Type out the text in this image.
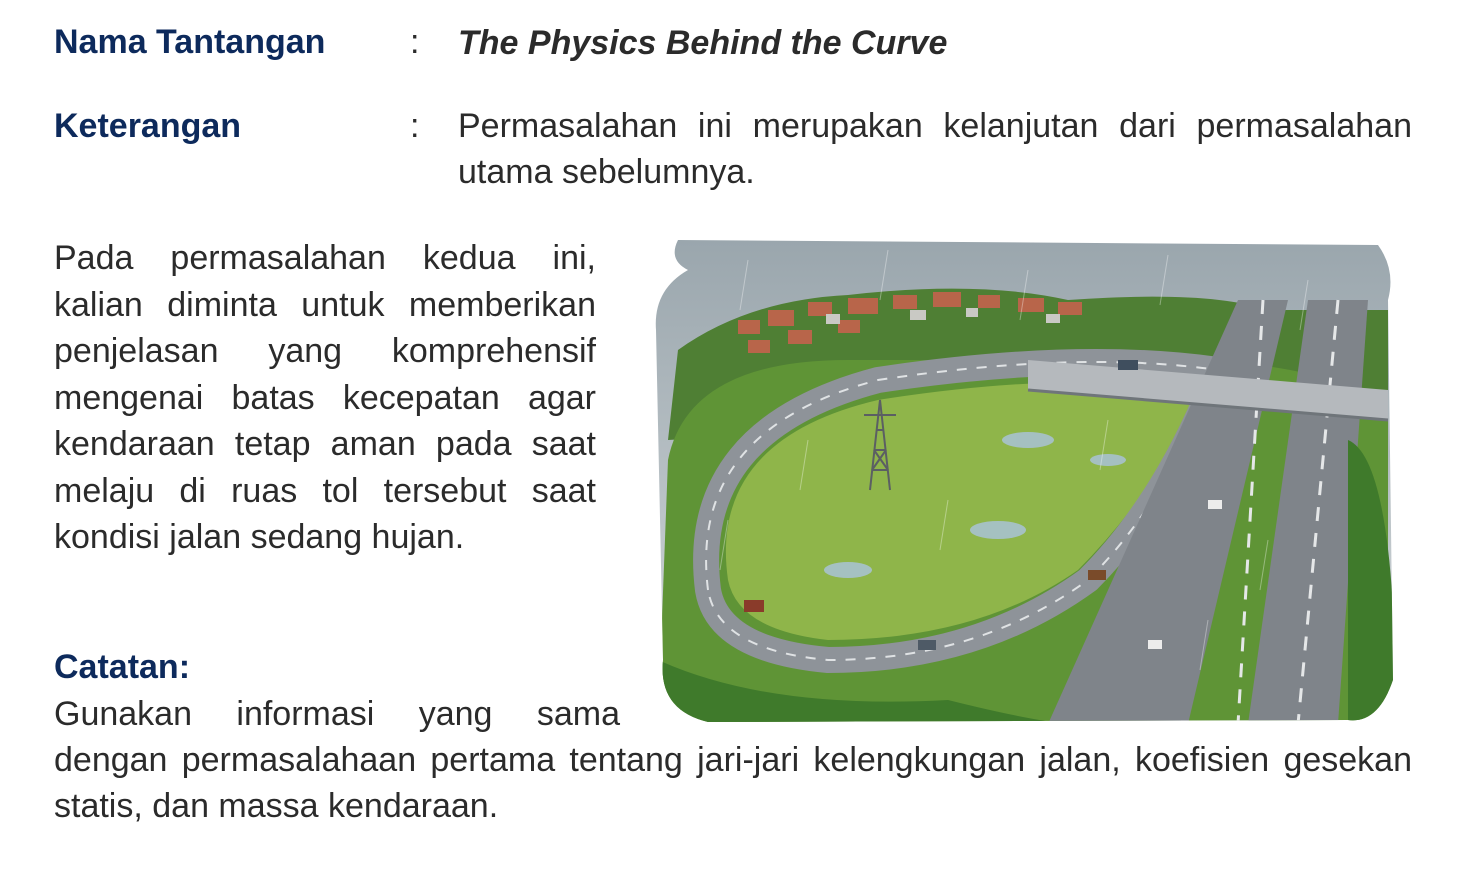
Nama Tantangan : The Physics Behind the Curve
Keterangan	: Permasalahan ini merupakan kelanjutan dari permasalahan utama sebelumnya.
Pada permasalahan kedua ini, kalian diminta untuk memberikan penjelasan yang komprehensif mengenai batas kecepatan agar kendaraan tetap aman pada saat melaju di ruas tol tersebut saat kondisi jalan sedang hujan.
Catatan:
Gunakan informasi yang sama
dengan permasalahaan pertama tentang jari-jari kelengkungan jalan, koefisien gesekan statis, dan massa kendaraan.
